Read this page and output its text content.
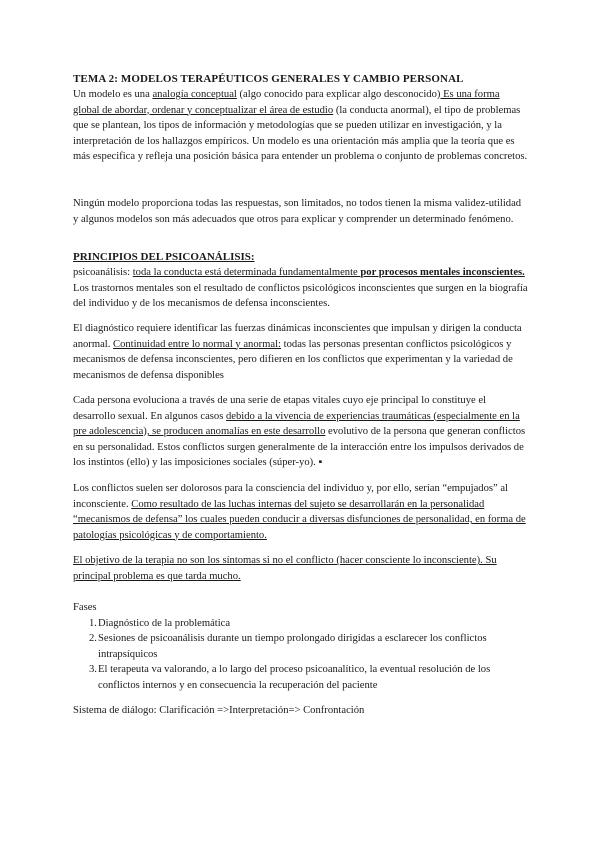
TEMA 2: MODELOS TERAPÉUTICOS GENERALES Y CAMBIO PERSONAL

Un modelo es una analogía conceptual (algo conocido para explicar algo desconocido) Es una forma global de abordar, ordenar y conceptualizar el área de estudio (la conducta anormal), el tipo de problemas que se plantean, los tipos de información y metodologías que se pueden utilizar en investigación, y la interpretación de los hallazgos empíricos. Un modelo es una orientación más amplia que la teoría que es más especifica y refleja una posición básica para entender un problema o conjunto de problemas concretos.

Ningún modelo proporciona todas las respuestas, son limitados, no todos tienen la misma validez-utilidad y algunos modelos son más adecuados que otros para explicar y comprender un determinado fenómeno.

PRINCIPIOS DEL PSICOANÁLISIS:

psicoanálisis: toda la conducta está determinada fundamentalmente por procesos mentales inconscientes. Los trastornos mentales son el resultado de conflictos psicológicos inconscientes que surgen en la biografía del individuo y de los mecanismos de defensa inconscientes.

El diagnóstico requiere identificar las fuerzas dinámicas inconscientes que impulsan y dirigen la conducta anormal. Continuidad entre lo normal y anormal: todas las personas presentan conflictos psicológicos y mecanismos de defensa inconscientes, pero difieren en los conflictos que experimentan y la variedad de mecanismos de defensa disponibles

Cada persona evoluciona a través de una serie de etapas vitales cuyo eje principal lo constituye el desarrollo sexual. En algunos casos debido a la vivencia de experiencias traumáticas (especialmente en la pre adolescencia), se producen anomalías en este desarrollo evolutivo de la persona que generan conflictos en su personalidad. Estos conflictos surgen generalmente de la interacción entre los impulsos derivados de los instintos (ello) y las imposiciones sociales (súper-yo). ▪

Los conflictos suelen ser dolorosos para la consciencia del individuo y, por ello, serían “empujados” al inconsciente. Como resultado de las luchas internas del sujeto se desarrollarán en la personalidad “mecanismos de defensa” los cuales pueden conducir a diversas disfunciones de personalidad, en forma de patologías psicológicas y de comportamiento.

El objetivo de la terapia no son los síntomas si no el conflicto (hacer consciente lo inconsciente). Su principal problema es que tarda mucho.

Fases
1. Diagnóstico de la problemática
2. Sesiones de psicoanálisis durante un tiempo prolongado dirigidas a esclarecer los conflictos intrapsíquicos
3. El terapeuta va valorando, a lo largo del proceso psicoanalítico, la eventual resolución de los conflictos internos y en consecuencia la recuperación del paciente

Sistema de diálogo: Clarificación =>Interpretación=> Confrontación
